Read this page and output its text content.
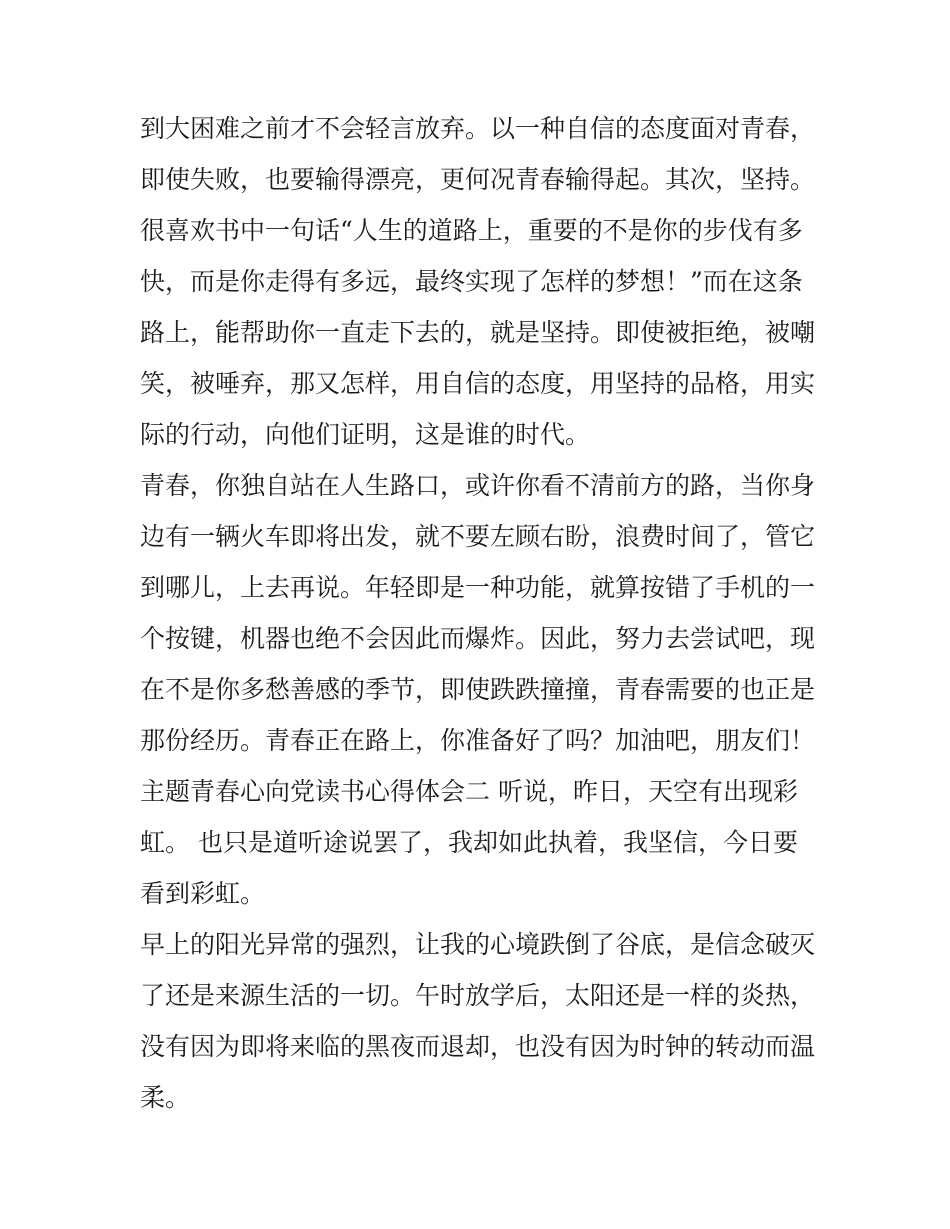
到大困难之前才不会轻言放弃。以一种自信的态度面对青春，
即使失败，也要输得漂亮，更何况青春输得起。其次，坚持。
很喜欢书中一句话“人生的道路上，重要的不是你的步伐有多
快，而是你走得有多远，最终实现了怎样的梦想！”而在这条
路上，能帮助你一直走下去的，就是坚持。即使被拒绝，被嘲
笑，被唾弃，那又怎样，用自信的态度，用坚持的品格，用实
际的行动，向他们证明，这是谁的时代。
青春，你独自站在人生路口，或许你看不清前方的路，当你身
边有一辆火车即将出发，就不要左顾右盼，浪费时间了，管它
到哪儿，上去再说。年轻即是一种功能，就算按错了手机的一
个按键，机器也绝不会因此而爆炸。因此，努力去尝试吧，现
在不是你多愁善感的季节，即使跌跌撞撞，青春需要的也正是
那份经历。青春正在路上，你准备好了吗？加油吧，朋友们！
主题青春心向党读书心得体会二 听说，昨日，天空有出现彩
虹。 也只是道听途说罢了，我却如此执着，我坚信，今日要
看到彩虹。
早上的阳光异常的强烈，让我的心境跌倒了谷底，是信念破灭
了还是来源生活的一切。午时放学后，太阳还是一样的炎热，
没有因为即将来临的黑夜而退却，也没有因为时钟的转动而温
柔。
